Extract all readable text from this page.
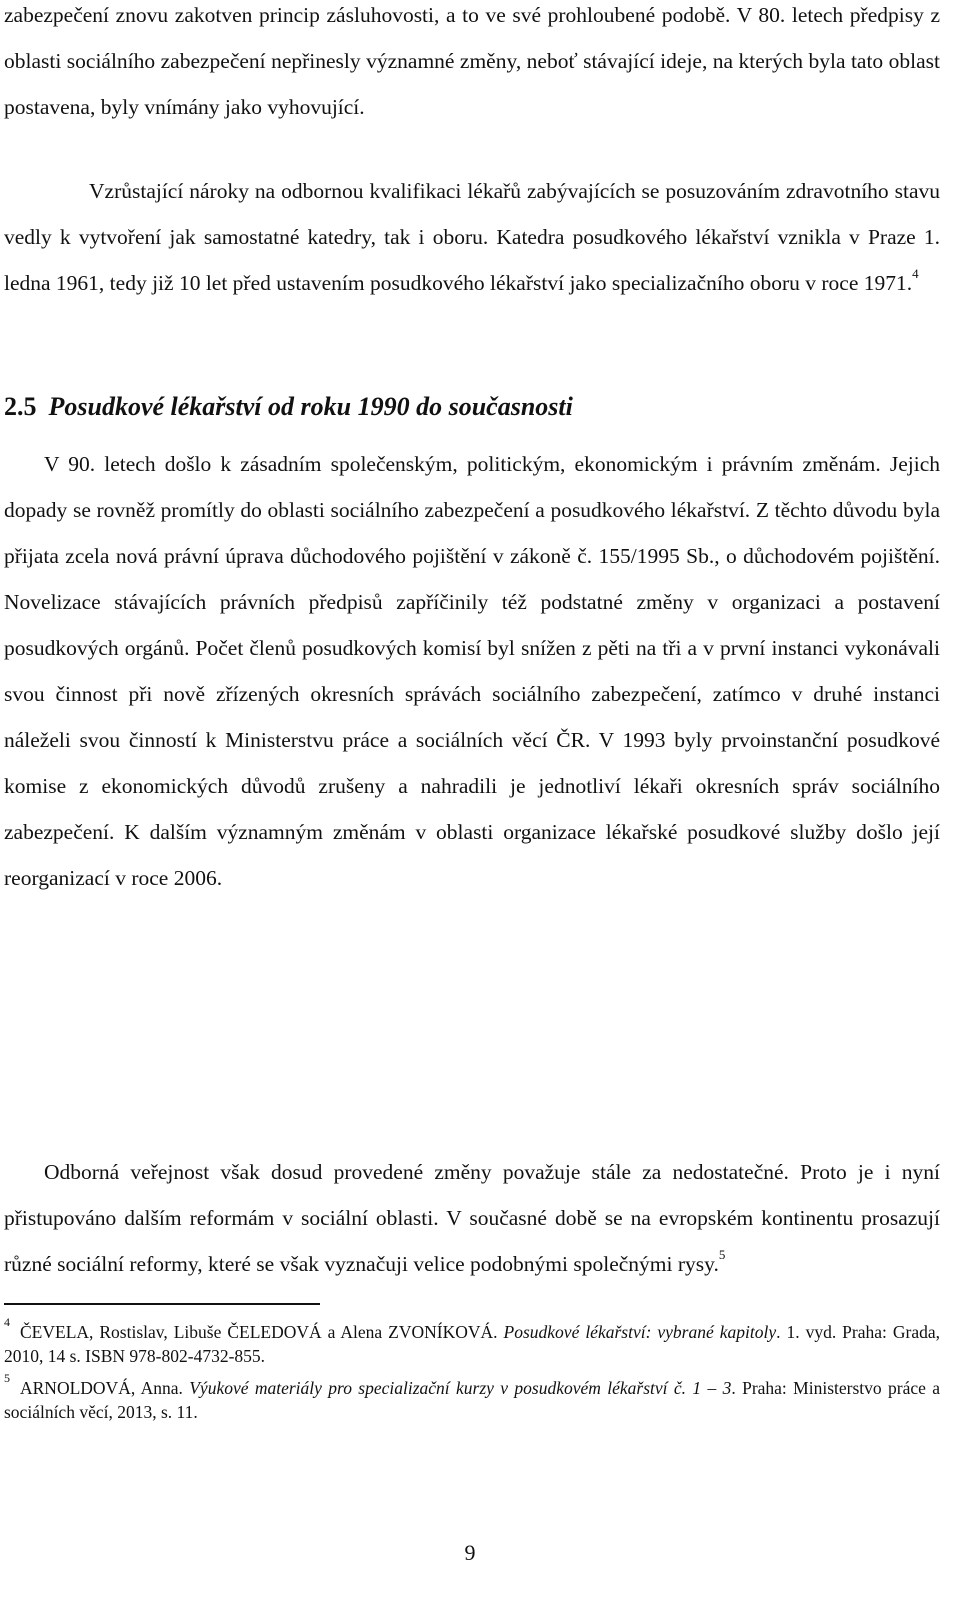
zabezpečení znovu zakotven princip zásluhovosti, a to ve své prohloubené podobě. V 80. letech předpisy z oblasti sociálního zabezpečení nepřinesly významné změny, neboť stávající ideje, na kterých byla tato oblast postavena, byly vnímány jako vyhovující.

Vzrůstající nároky na odbornou kvalifikaci lékařů zabývajících se posuzováním zdravotního stavu vedly k vytvoření jak samostatné katedry, tak i oboru. Katedra posudkového lékařství vznikla v Praze 1. ledna 1961, tedy již 10 let před ustavením posudkového lékařství jako specializačního oboru v roce 1971.$^4$

2.5 Posudkové lékařství od roku 1990 do současnosti

V 90. letech došlo k zásadním společenským, politickým, ekonomickým i právním změnám. Jejich dopady se rovněž promítly do oblasti sociálního zabezpečení a posudkového lékařství. Z těchto důvodu byla přijata zcela nová právní úprava důchodového pojištění v zákoně č. 155/1995 Sb., o důchodovém pojištění. Novelizace stávajících právních předpisů zapříčinily též podstatné změny v organizaci a postavení posudkových orgánů. Počet členů posudkových komisí byl snížen z pěti na tři a v první instanci vykonávali svou činnost při nově zřízených okresních správách sociálního zabezpečení, zatímco v druhé instanci náleželi svou činností k Ministerstvu práce a sociálních věcí ČR. V 1993 byly prvoinstanční posudkové komise z ekonomických důvodů zrušeny a nahradili je jednotliví lékaři okresních správ sociálního zabezpečení. K dalším významným změnám v oblasti organizace lékařské posudkové služby došlo její reorganizací v roce 2006.

Odborná veřejnost však dosud provedené změny považuje stále za nedostatečné. Proto je i nyní přistupováno dalším reformám v sociální oblasti. V současné době se na evropském kontinentu prosazují různé sociální reformy, které se však vyznačuji velice podobnými společnými rysy.$^5$

$^4$ ČEVELA, Rostislav, Libuše ČELEDOVÁ a Alena ZVONÍKOVÁ. Posudkové lékařství: vybrané kapitoly. 1. vyd. Praha: Grada, 2010, 14 s. ISBN 978-802-4732-855.

$^5$ ARNOLDOVÁ, Anna. Výukové materiály pro specializační kurzy v posudkovém lékařství č. 1 – 3. Praha: Ministerstvo práce a sociálních věcí, 2013, s. 11.

9
